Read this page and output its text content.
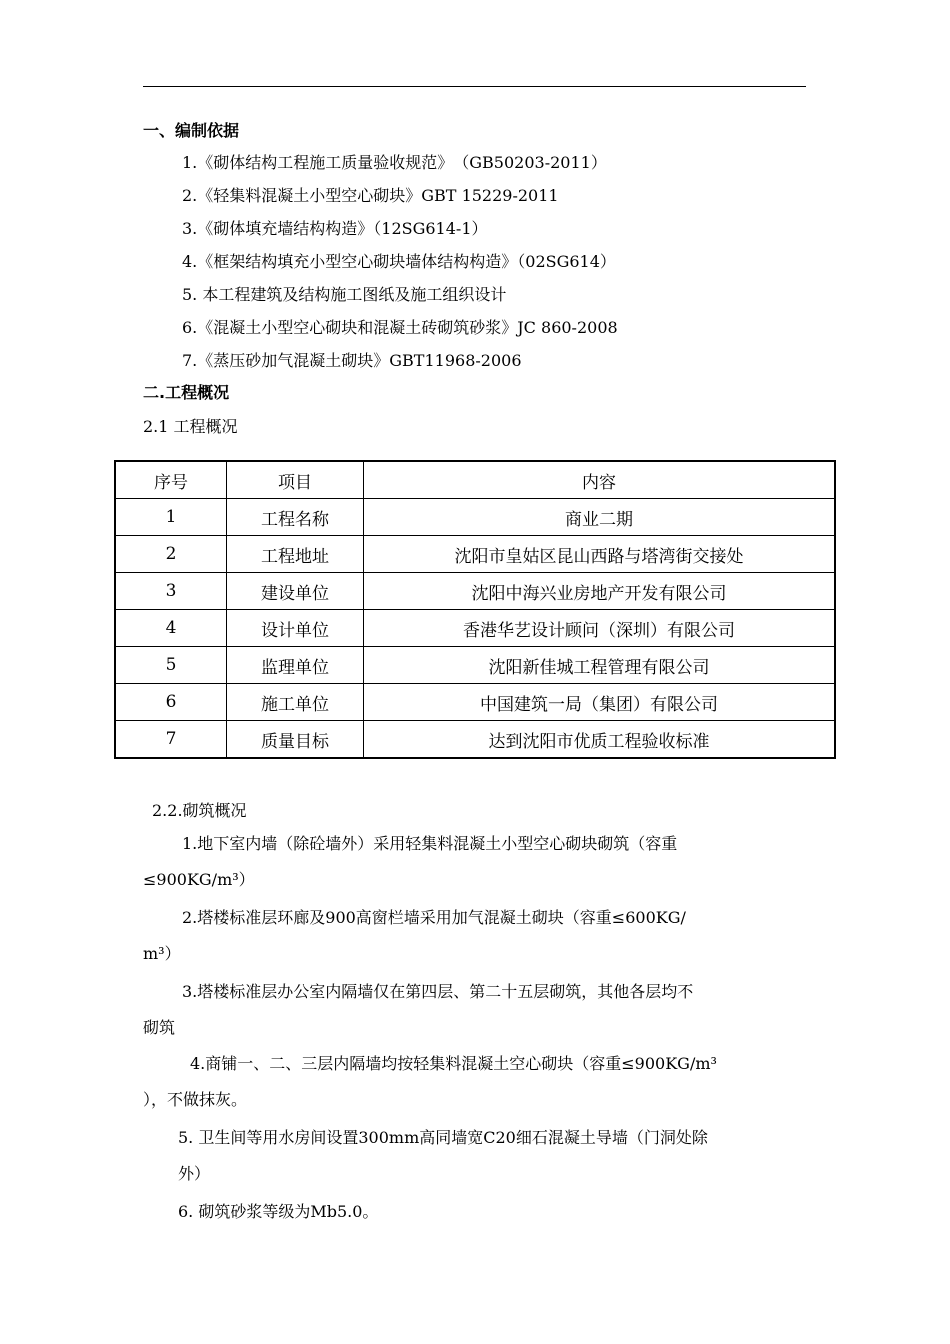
一、编制依据
1.《砌体结构工程施工质量验收规范》　（GB50203-2011）
2.《轻集料混凝土小型空心砌块》GBT 15229-2011
3.《砌体填充墙结构构造》（12SG614-1）
4.《框架结构填充小型空心砌块墙体结构构造》（02SG614）
5. 本工程建筑及结构施工图纸及施工组织设计
6.《混凝土小型空心砌块和混凝土砖砌筑砂浆》JC 860-2008
7.《蒸压砂加气混凝土砌块》GBT11968-2006
二.工程概况
2.1 工程概况
序号	项目	内容
1	工程名称	商业二期
2	工程地址	沈阳市皇姑区昆山西路与塔湾街交接处
3	建设单位	沈阳中海兴业房地产开发有限公司
4	设计单位	香港华艺设计顾问（深圳）有限公司
5	监理单位	沈阳新佳城工程管理有限公司
6	施工单位	中国建筑一局（集团）有限公司
7	质量目标	达到沈阳市优质工程验收标准
2.2.砌筑概况
1.地下室内墙（除砼墙外）采用轻集料混凝土小型空心砌块砌筑（容重
≤900KG/m³）
2.塔楼标准层环廊及900高窗栏墙采用加气混凝土砌块（容重≤600KG/
m³）
3.塔楼标准层办公室内隔墙仅在第四层、第二十五层砌筑，其他各层均不
砌筑
4.商铺一、二、三层内隔墙均按轻集料混凝土空心砌块（容重≤900KG/m³
），不做抹灰。
5. 卫生间等用水房间设置300mm高同墙宽C20细石混凝土导墙（门洞处除
外）
6. 砌筑砂浆等级为Mb5.0。
